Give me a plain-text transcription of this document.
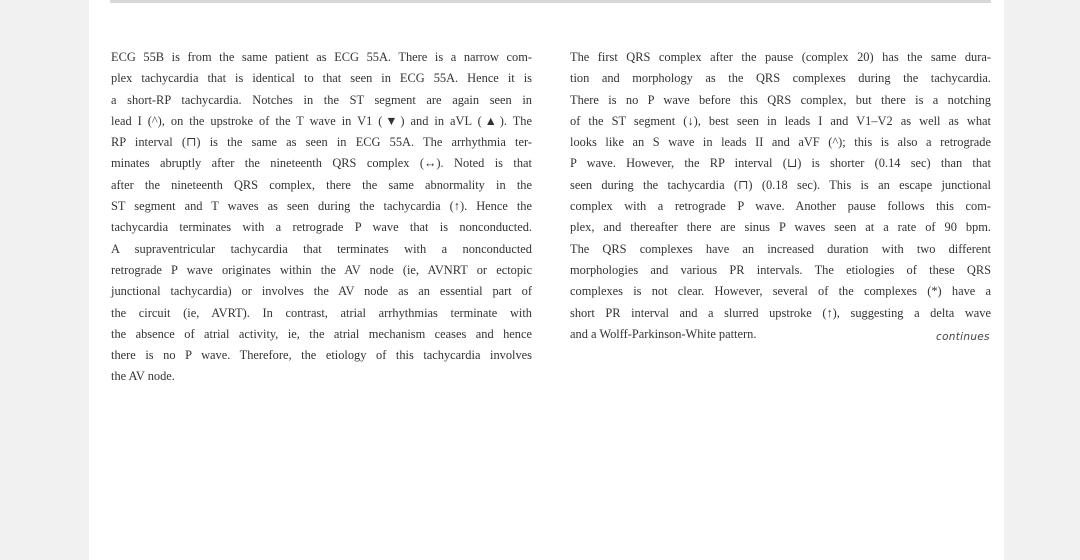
ECG 55B is from the same patient as ECG 55A. There is a narrow com-
plex tachycardia that is identical to that seen in ECG 55A. Hence it is
a short-RP tachycardia. Notches in the ST segment are again seen in
lead I (^), on the upstroke of the T wave in V1 (▼) and in aVL (▲). The
RP interval (⊓) is the same as seen in ECG 55A. The arrhythmia ter-
minates abruptly after the nineteenth QRS complex (↔). Noted is that
after the nineteenth QRS complex, there the same abnormality in the
ST segment and T waves as seen during the tachycardia (↑). Hence the
tachycardia terminates with a retrograde P wave that is nonconducted.
A supraventricular tachycardia that terminates with a nonconducted
retrograde P wave originates within the AV node (ie, AVNRT or ectopic
junctional tachycardia) or involves the AV node as an essential part of
the circuit (ie, AVRT). In contrast, atrial arrhythmias terminate with
the absence of atrial activity, ie, the atrial mechanism ceases and hence
there is no P wave. Therefore, the etiology of this tachycardia involves
the AV node.
The first QRS complex after the pause (complex 20) has the same dura-
tion and morphology as the QRS complexes during the tachycardia.
There is no P wave before this QRS complex, but there is a notching
of the ST segment (↓), best seen in leads I and V1–V2 as well as what
looks like an S wave in leads II and aVF (^); this is also a retrograde
P wave. However, the RP interval (⊔) is shorter (0.14 sec) than that
seen during the tachycardia (⊓) (0.18 sec). This is an escape junctional
complex with a retrograde P wave. Another pause follows this com-
plex, and thereafter there are sinus P waves seen at a rate of 90 bpm.
The QRS complexes have an increased duration with two different
morphologies and various PR intervals. The etiologies of these QRS
complexes is not clear. However, several of the complexes (*) have a
short PR interval and a slurred upstroke (↑), suggesting a delta wave
and a Wolff-Parkinson-White pattern.	continues
